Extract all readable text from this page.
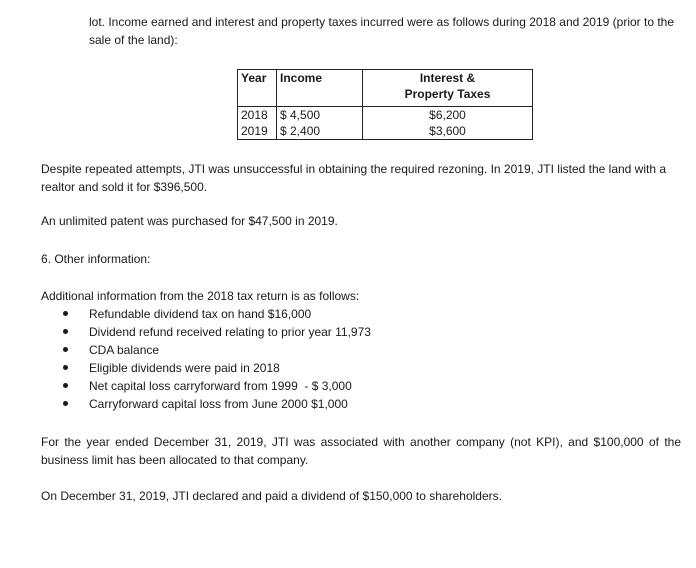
lot. Income earned and interest and property taxes incurred were as follows during 2018 and 2019 (prior to the sale of the land):

Year	Income	Interest &
Property Taxes
2018	$ 4,500	$6,200
2019	$ 2,400	$3,600

Despite repeated attempts, JTI was unsuccessful in obtaining the required rezoning. In 2019, JTI listed the land with a realtor and sold it for $396,500.

An unlimited patent was purchased for $47,500 in 2019.

6. Other information:

Additional information from the 2018 tax return is as follows:

Refundable dividend tax on hand $16,000
Dividend refund received relating to prior year 11,973
CDA balance
Eligible dividends were paid in 2018
Net capital loss carryforward from 1999  - $ 3,000
Carryforward capital loss from June 2000 $1,000

For the year ended December 31, 2019, JTI was associated with another company (not KPI), and $100,000 of the business limit has been allocated to that company.

On December 31, 2019, JTI declared and paid a dividend of $150,000 to shareholders.
